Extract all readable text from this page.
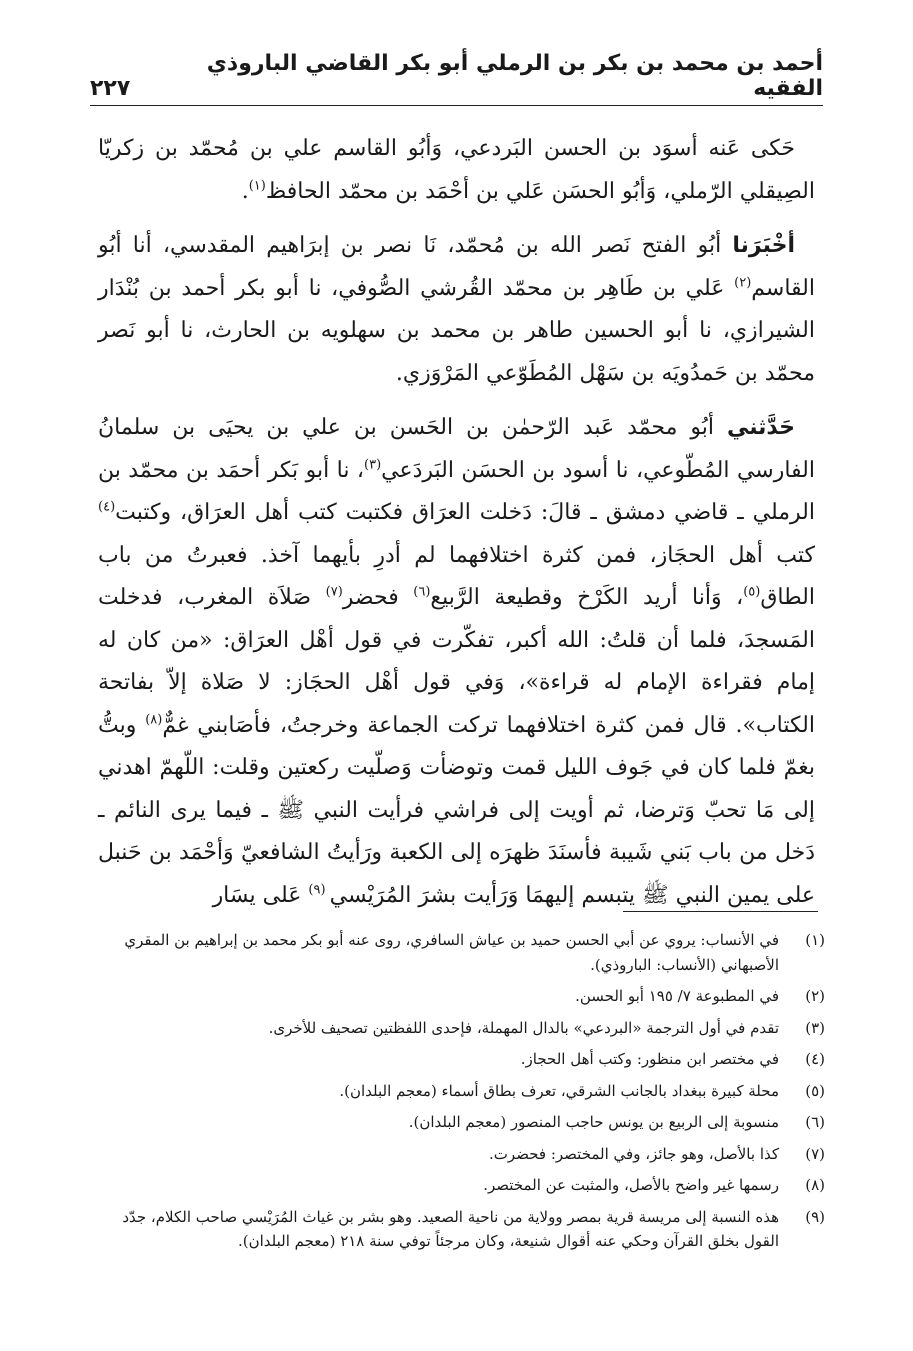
أحمد بن محمد بن بكر بن الرملي أبو بكر القاضي الباروذي الفقيه
٢٢٧

حَكى عَنه أسوَد بن الحسن البَردعي، وَأبُو القاسم علي بن مُحمّد بن زكريّا الصِيقلي الرّملي، وَأبُو الحسَن عَلي بن أحْمَد بن محمّد الحافظ$^{(١)}$.

أخْبَرَنا أبُو الفتح نَصر الله بن مُحمّد، نَا نصر بن إبرَاهيم المقدسي، أنا أبُو القاسم$^{(٢)}$ عَلي بن طَاهِر بن محمّد القُرشي الصُّوفي، نا أبو بكر أحمد بن بُنْدَار الشيرازي، نا أبو الحسين طاهر بن محمد بن سهلويه بن الحارث، نا أبو نَصر محمّد بن حَمدُويَه بن سَهْل المُطَوّعي المَرْوَزي.

حَدَّثني أبُو محمّد عَبد الرّحمٰن بن الحَسن بن علي بن يحيَى بن سلمانُ الفارسي المُطّوعي، نا أسود بن الحسَن البَردَعي$^{(٣)}$، نا أبو بَكر أحمَد بن محمّد بن الرملي ـ قاضي دمشق ـ قالَ: دَخلت العرَاق فكتبت كتب أهل العرَاق، وكتبت$^{(٤)}$ كتب أهل الحجَاز، فمن كثرة اختلافهما لم أدرِ بأيهما آخذ. فعبرتُ من باب الطاق$^{(٥)}$، وَأنا أريد الكَرْخ وقطيعة الرَّبيع$^{(٦)}$ فحضر$^{(٧)}$ صَلاَة المغرب، فدخلت المَسجدَ، فلما أن قلتُ: الله أكبر، تفكّرت في قول أهْل العرَاق: «من كان له إمام فقراءة الإمام له قراءة»، وَفي قول أهْل الحجَاز: لا صَلاة إلاّ بفاتحة الكتاب». قال فمن كثرة اختلافهما تركت الجماعة وخرجتُ، فأصَابني غمٌّ$^{(٨)}$ وبتُّ بغمّ فلما كان في جَوف الليل قمت وتوضأت وَصلّيت ركعتين وقلت: اللّهمّ اهدني إلى مَا تحبّ وَترضا، ثم أويت إلى فراشي فرأيت النبي ﷺ ـ فيما يرى النائم ـ دَخل من باب بَني شَيبة فأسنَدَ ظهرَه إلى الكعبة ورَأيتُ الشافعيّ وَأحْمَد بن حَنبل على يمين النبي ﷺ يتبسم إليهمَا وَرَأيت بشرَ المُرَيْسي $^{(٩)}$ عَلى يسَار

(١)
في الأنساب: يروي عن أبي الحسن حميد بن عياش السافري، روى عنه أبو بكر محمد بن إبراهيم بن المقري الأصبهاني (الأنساب: الباروذي).
(٢)
في المطبوعة ٧/ ١٩٥ أبو الحسن.
(٣)
تقدم في أول الترجمة «البردعي» بالدال المهملة، فإحدى اللفظتين تصحيف للأخرى.
(٤)
في مختصر ابن منظور: وكتب أهل الحجاز.
(٥)
محلة كبيرة ببغداد بالجانب الشرقي، تعرف بطاق أسماء (معجم البلدان).
(٦)
منسوبة إلى الربيع بن يونس حاجب المنصور (معجم البلدان).
(٧)
كذا بالأصل، وهو جائز، وفي المختصر: فحضرت.
(٨)
رسمها غير واضح بالأصل، والمثبت عن المختصر.
(٩)
هذه النسبة إلى مريسة قرية بمصر وولاية من ناحية الصعيد. وهو بشر بن غياث المُرَيْسي صاحب الكلام، جدّد القول بخلق القرآن وحكي عنه أقوال شنيعة، وكان مرجئاً توفي سنة ٢١٨ (معجم البلدان).
